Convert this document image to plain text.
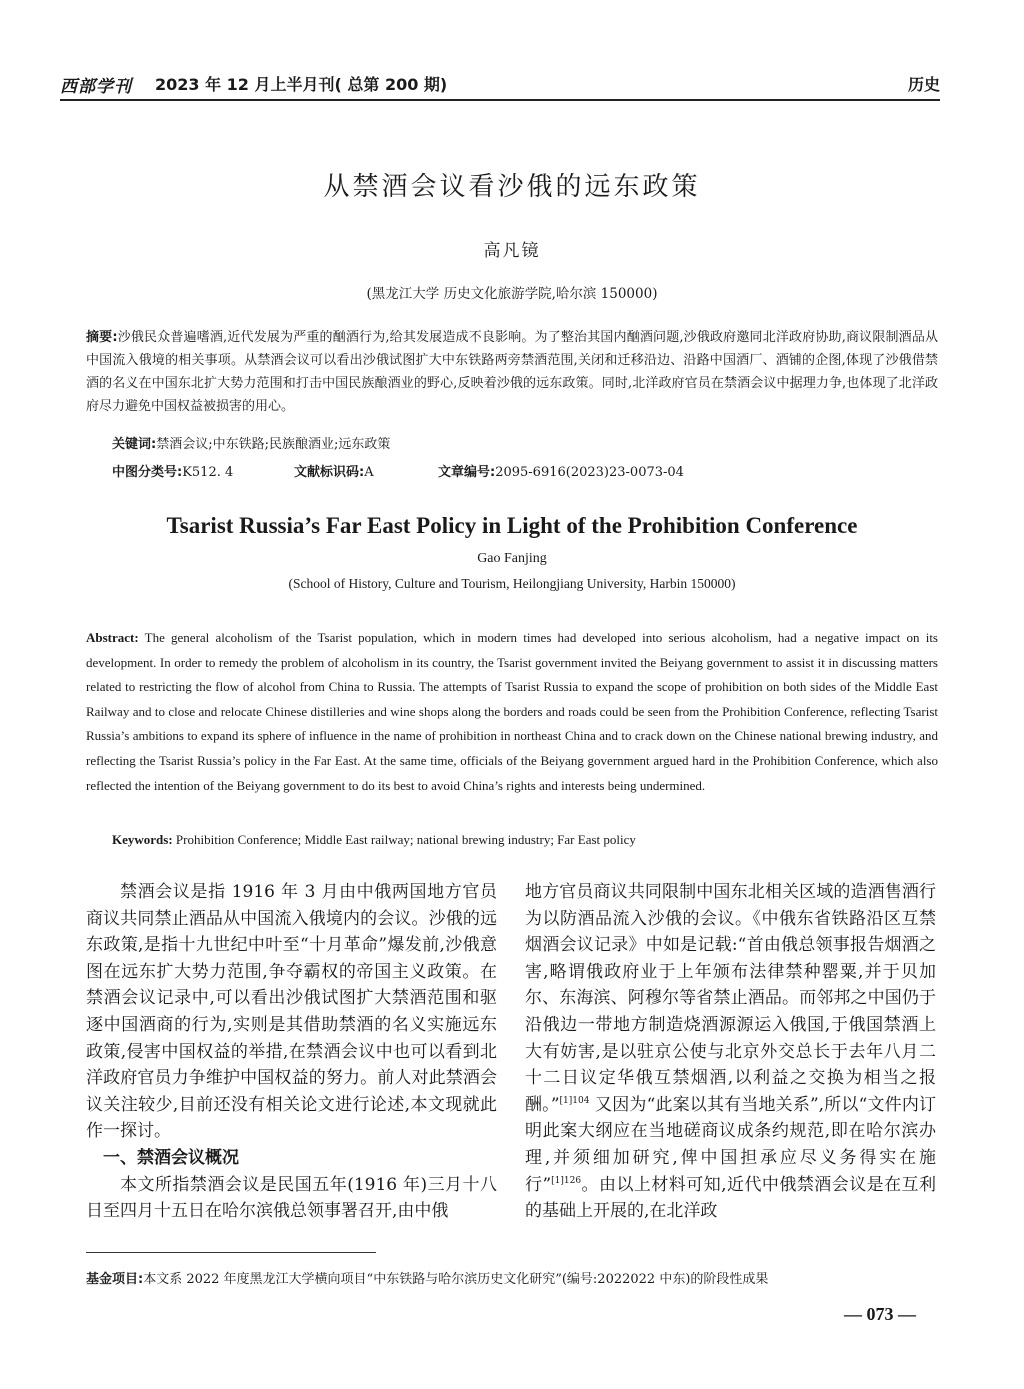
西部学刊 2023 年 12 月上半月刊( 总第 200 期)	历史
从禁酒会议看沙俄的远东政策
高凡镜
(黑龙江大学 历史文化旅游学院,哈尔滨 150000)
摘要:沙俄民众普遍嗜酒,近代发展为严重的酗酒行为,给其发展造成不良影响。为了整治其国内酗酒问题,沙俄政府邀同北洋政府协助,商议限制酒品从中国流入俄境的相关事项。从禁酒会议可以看出沙俄试图扩大中东铁路两旁禁酒范围,关闭和迁移沿边、沿路中国酒厂、酒铺的企图,体现了沙俄借禁酒的名义在中国东北扩大势力范围和打击中国民族酿酒业的野心,反映着沙俄的远东政策。同时,北洋政府官员在禁酒会议中据理力争,也体现了北洋政府尽力避免中国权益被损害的用心。
关键词:禁酒会议;中东铁路;民族酿酒业;远东政策
中图分类号:K512. 4	文献标识码:A	文章编号:2095-6916(2023)23-0073-04
Tsarist Russia’s Far East Policy in Light of the Prohibition Conference
Gao Fanjing
(School of History, Culture and Tourism, Heilongjiang University, Harbin 150000)
Abstract: The general alcoholism of the Tsarist population, which in modern times had developed into serious alcoholism, had a negative impact on its development. In order to remedy the problem of alcoholism in its country, the Tsarist government invited the Beiyang government to assist it in discussing matters related to restricting the flow of alcohol from China to Russia. The attempts of Tsarist Russia to expand the scope of prohibition on both sides of the Middle East Railway and to close and relocate Chinese distilleries and wine shops along the borders and roads could be seen from the Prohibition Conference, reflecting Tsarist Russia’s ambitions to expand its sphere of influence in the name of prohibition in northeast China and to crack down on the Chinese national brewing industry, and reflecting the Tsarist Russia’s policy in the Far East. At the same time, officials of the Beiyang government argued hard in the Prohibition Conference, which also reflected the intention of the Beiyang government to do its best to avoid China’s rights and interests being undermined.
Keywords: Prohibition Conference; Middle East railway; national brewing industry; Far East policy

禁酒会议是指 1916 年 3 月由中俄两国地方官员商议共同禁止酒品从中国流入俄境内的会议。沙俄的远东政策,是指十九世纪中叶至“十月革命”爆发前,沙俄意图在远东扩大势力范围,争夺霸权的帝国主义政策。在禁酒会议记录中,可以看出沙俄试图扩大禁酒范围和驱逐中国酒商的行为,实则是其借助禁酒的名义实施远东政策,侵害中国权益的举措,在禁酒会议中也可以看到北洋政府官员力争维护中国权益的努力。前人对此禁酒会议关注较少,目前还没有相关论文进行论述,本文现就此作一探讨。

一、禁酒会议概况

本文所指禁酒会议是民国五年(1916 年)三月十八日至四月十五日在哈尔滨俄总领事署召开,由中俄

地方官员商议共同限制中国东北相关区域的造酒售酒行为以防酒品流入沙俄的会议。《中俄东省铁路沿区互禁烟酒会议记录》中如是记载:“首由俄总领事报告烟酒之害,略谓俄政府业于上年颁布法律禁种罂粟,并于贝加尔、东海滨、阿穆尔等省禁止酒品。而邻邦之中国仍于沿俄边一带地方制造烧酒源源运入俄国,于俄国禁酒上大有妨害,是以驻京公使与北京外交总长于去年八月二十二日议定华俄互禁烟酒,以利益之交换为相当之报酬。”$^{[1]104}$ 又因为“此案以其有当地关系”,所以“文件内订明此案大纲应在当地磋商议成条约规范,即在哈尔滨办理,并须细加研究,俾中国担承应尽义务得实在施行”$^{[1]126}$。由以上材料可知,近代中俄禁酒会议是在互利的基础上开展的,在北洋政

基金项目:本文系 2022 年度黑龙江大学横向项目“中东铁路与哈尔滨历史文化研究”(编号:2022022 中东)的阶段性成果
— 073 —
